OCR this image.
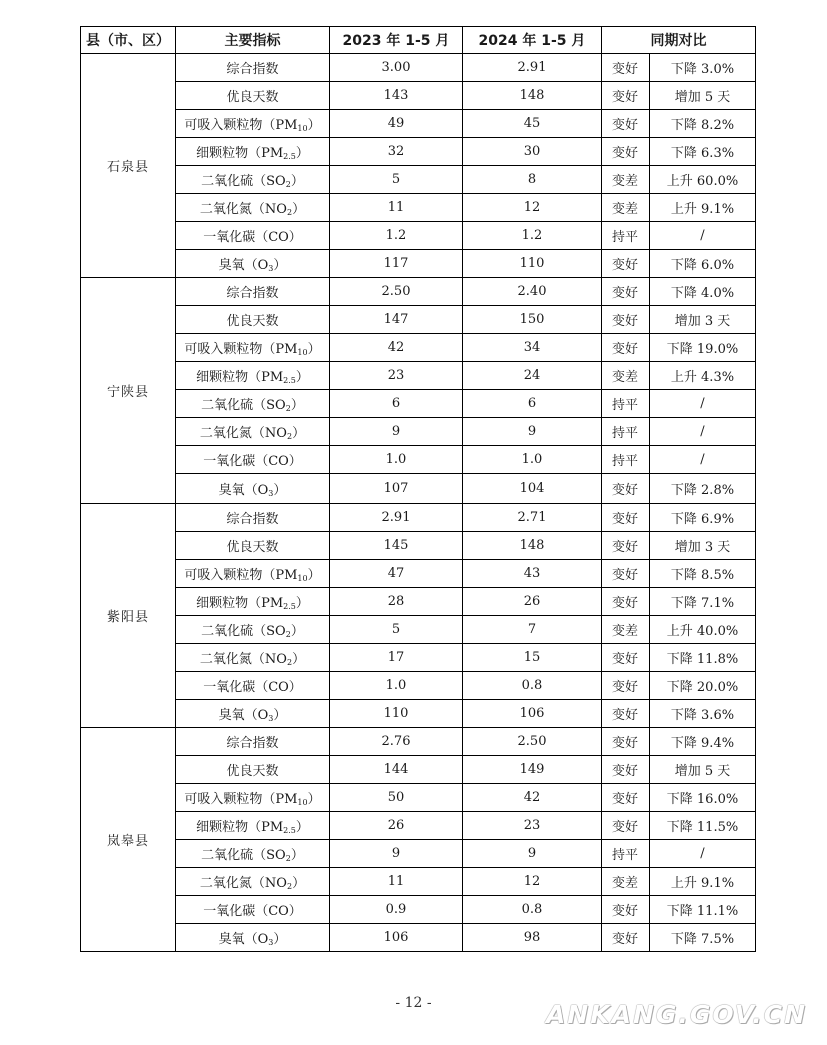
县（市、区）	主要指标	2023 年 1-5 月	2024 年 1-5 月	同期对比	
石泉县	综合指数	3.00	2.91	变好	下降 3.0%
	优良天数	143	148	变好	增加 5 天
	可吸入颗粒物$(PM_{10})$	49	45	变好	下降 8.2%
	细颗粒物$(PM_{2.5})$	32	30	变好	下降 6.3%
	二氧化硫$(SO_2)$	5	8	变差	上升 60.0%
	二氧化氮$(NO_2)$	11	12	变差	上升 9.1%
	一氧化碳（CO）	1.2	1.2	持平	/
	臭氧$(O_3)$	117	110	变好	下降 6.0%
宁陕县	综合指数	2.50	2.40	变好	下降 4.0%
	优良天数	147	150	变好	增加 3 天
	可吸入颗粒物$(PM_{10})$	42	34	变好	下降 19.0%
	细颗粒物$(PM_{2.5})$	23	24	变差	上升 4.3%
	二氧化硫$(SO_2)$	6	6	持平	/
	二氧化氮$(NO_2)$	9	9	持平	/
	一氧化碳（CO）	1.0	1.0	持平	/
	臭氧$(O_3)$	107	104	变好	下降 2.8%
紫阳县	综合指数	2.91	2.71	变好	下降 6.9%
	优良天数	145	148	变好	增加 3 天
	可吸入颗粒物$(PM_{10})$	47	43	变好	下降 8.5%
	细颗粒物$(PM_{2.5})$	28	26	变好	下降 7.1%
	二氧化硫$(SO_2)$	5	7	变差	上升 40.0%
	二氧化氮$(NO_2)$	17	15	变好	下降 11.8%
	一氧化碳（CO）	1.0	0.8	变好	下降 20.0%
	臭氧$(O_3)$	110	106	变好	下降 3.6%
岚皋县	综合指数	2.76	2.50	变好	下降 9.4%
	优良天数	144	149	变好	增加 5 天
	可吸入颗粒物$(PM_{10})$	50	42	变好	下降 16.0%
	细颗粒物$(PM_{2.5})$	26	23	变好	下降 11.5%
	二氧化硫$(SO_2)$	9	9	持平	/
	二氧化氮$(NO_2)$	11	12	变差	上升 9.1%
	一氧化碳（CO）	0.9	0.8	变好	下降 11.1%
	臭氧$(O_3)$	106	98	变好	下降 7.5%
- 12 -	ANKANG.GOV.CN
